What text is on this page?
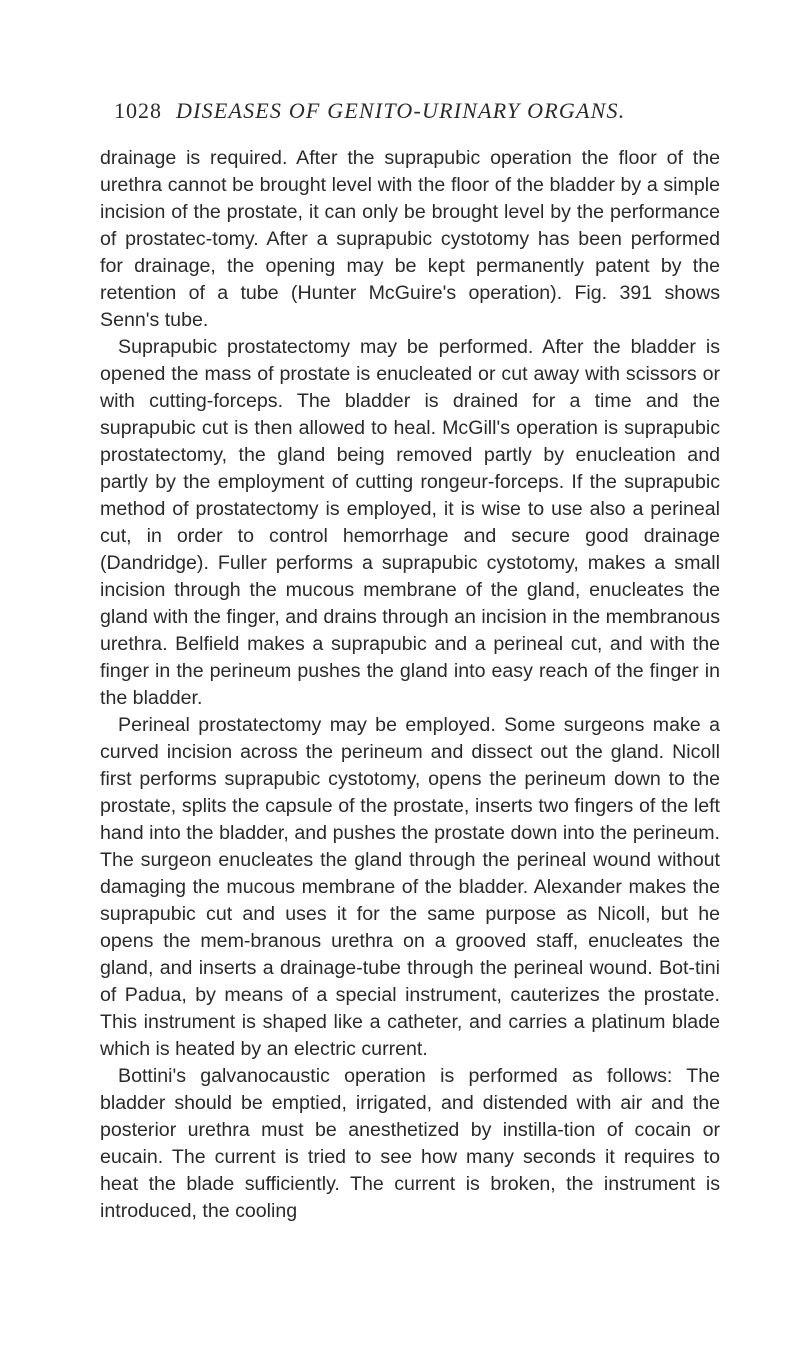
1028 DISEASES OF GENITO-URINARY ORGANS.

drainage is required. After the suprapubic operation the floor of the urethra cannot be brought level with the floor of the bladder by a simple incision of the prostate, it can only be brought level by the performance of prostatec-tomy. After a suprapubic cystotomy has been performed for drainage, the opening may be kept permanently patent by the retention of a tube (Hunter McGuire's operation). Fig. 391 shows Senn's tube.

Suprapubic prostatectomy may be performed. After the bladder is opened the mass of prostate is enucleated or cut away with scissors or with cutting-forceps. The bladder is drained for a time and the suprapubic cut is then allowed to heal. McGill's operation is suprapubic prostatectomy, the gland being removed partly by enucleation and partly by the employment of cutting rongeur-forceps. If the suprapubic method of prostatectomy is employed, it is wise to use also a perineal cut, in order to control hemorrhage and secure good drainage (Dandridge). Fuller performs a suprapubic cystotomy, makes a small incision through the mucous membrane of the gland, enucleates the gland with the finger, and drains through an incision in the membranous urethra. Belfield makes a suprapubic and a perineal cut, and with the finger in the perineum pushes the gland into easy reach of the finger in the bladder.

Perineal prostatectomy may be employed. Some surgeons make a curved incision across the perineum and dissect out the gland. Nicoll first performs suprapubic cystotomy, opens the perineum down to the prostate, splits the capsule of the prostate, inserts two fingers of the left hand into the bladder, and pushes the prostate down into the perineum. The surgeon enucleates the gland through the perineal wound without damaging the mucous membrane of the bladder. Alexander makes the suprapubic cut and uses it for the same purpose as Nicoll, but he opens the mem-branous urethra on a grooved staff, enucleates the gland, and inserts a drainage-tube through the perineal wound. Bot-tini of Padua, by means of a special instrument, cauterizes the prostate. This instrument is shaped like a catheter, and carries a platinum blade which is heated by an electric current.

Bottini's galvanocaustic operation is performed as follows: The bladder should be emptied, irrigated, and distended with air and the posterior urethra must be anesthetized by instilla-tion of cocain or eucain. The current is tried to see how many seconds it requires to heat the blade sufficiently. The current is broken, the instrument is introduced, the cooling
